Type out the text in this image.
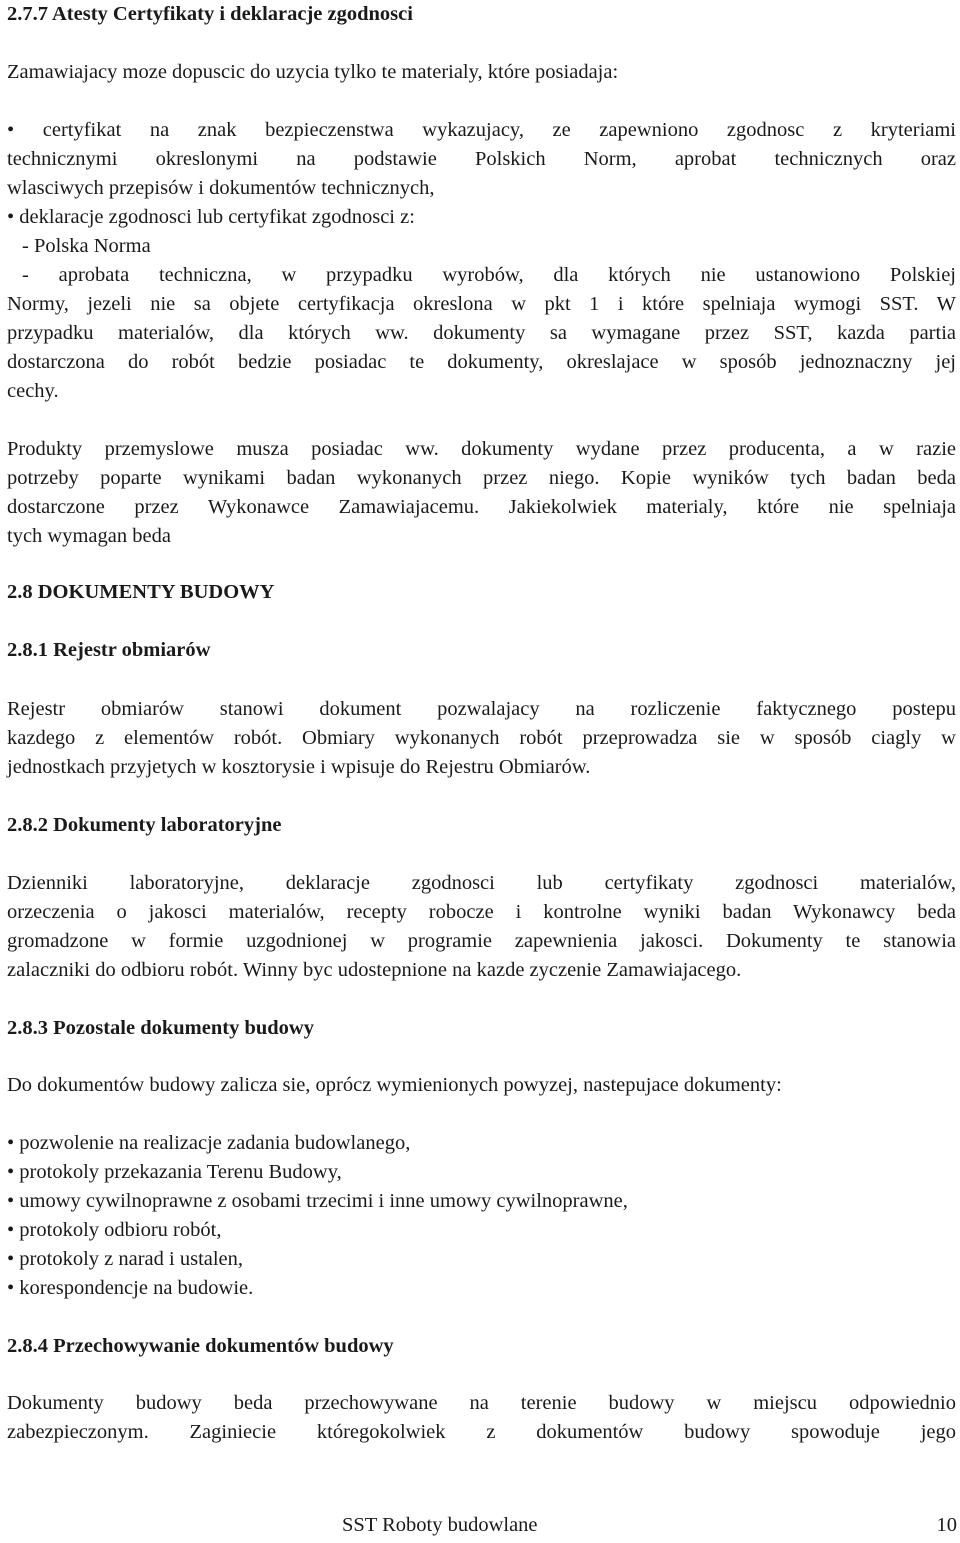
2.7.7 Atesty Certyfikaty i deklaracje zgodnosci
Zamawiajacy moze dopuscic do uzycia tylko te materialy, które posiadaja:
• certyfikat na znak bezpieczenstwa wykazujacy, ze zapewniono zgodnosc z kryteriami
technicznymi okreslonymi na podstawie Polskich Norm, aprobat technicznych oraz
wlasciwych przepisów i dokumentów technicznych,
• deklaracje zgodnosci lub certyfikat zgodnosci z:
- Polska Norma
- aprobata techniczna, w przypadku wyrobów, dla których nie ustanowiono Polskiej
Normy, jezeli nie sa objete certyfikacja okreslona w pkt 1 i które spelniaja wymogi SST. W
przypadku materialów, dla których ww. dokumenty sa wymagane przez SST, kazda partia
dostarczona do robót bedzie posiadac te dokumenty, okreslajace w sposób jednoznaczny jej
cechy.
Produkty przemyslowe musza posiadac ww. dokumenty wydane przez producenta, a w razie
potrzeby poparte wynikami badan wykonanych przez niego. Kopie wyników tych badan beda
dostarczone przez Wykonawce Zamawiajacemu. Jakiekolwiek materialy, które nie spelniaja
tych wymagan beda
2.8 DOKUMENTY BUDOWY
2.8.1 Rejestr obmiarów
Rejestr obmiarów stanowi dokument pozwalajacy na rozliczenie faktycznego postepu
kazdego z elementów robót. Obmiary wykonanych robót przeprowadza sie w sposób ciagly w
jednostkach przyjetych w kosztorysie i wpisuje do Rejestru Obmiarów.
2.8.2 Dokumenty laboratoryjne
Dzienniki laboratoryjne, deklaracje zgodnosci lub certyfikaty zgodnosci materialów,
orzeczenia o jakosci materialów, recepty robocze i kontrolne wyniki badan Wykonawcy beda
gromadzone w formie uzgodnionej w programie zapewnienia jakosci. Dokumenty te stanowia
zalaczniki do odbioru robót. Winny byc udostepnione na kazde zyczenie Zamawiajacego.
2.8.3 Pozostale dokumenty budowy
Do dokumentów budowy zalicza sie, oprócz wymienionych powyzej, nastepujace dokumenty:
• pozwolenie na realizacje zadania budowlanego,
• protokoly przekazania Terenu Budowy,
• umowy cywilnoprawne z osobami trzecimi i inne umowy cywilnoprawne,
• protokoly odbioru robót,
• protokoly z narad i ustalen,
• korespondencje na budowie.
2.8.4 Przechowywanie dokumentów budowy
Dokumenty budowy beda przechowywane na terenie budowy w miejscu odpowiednio
zabezpieczonym. Zaginiecie któregokolwiek z dokumentów budowy spowoduje jego
SST Roboty budowlane	10
